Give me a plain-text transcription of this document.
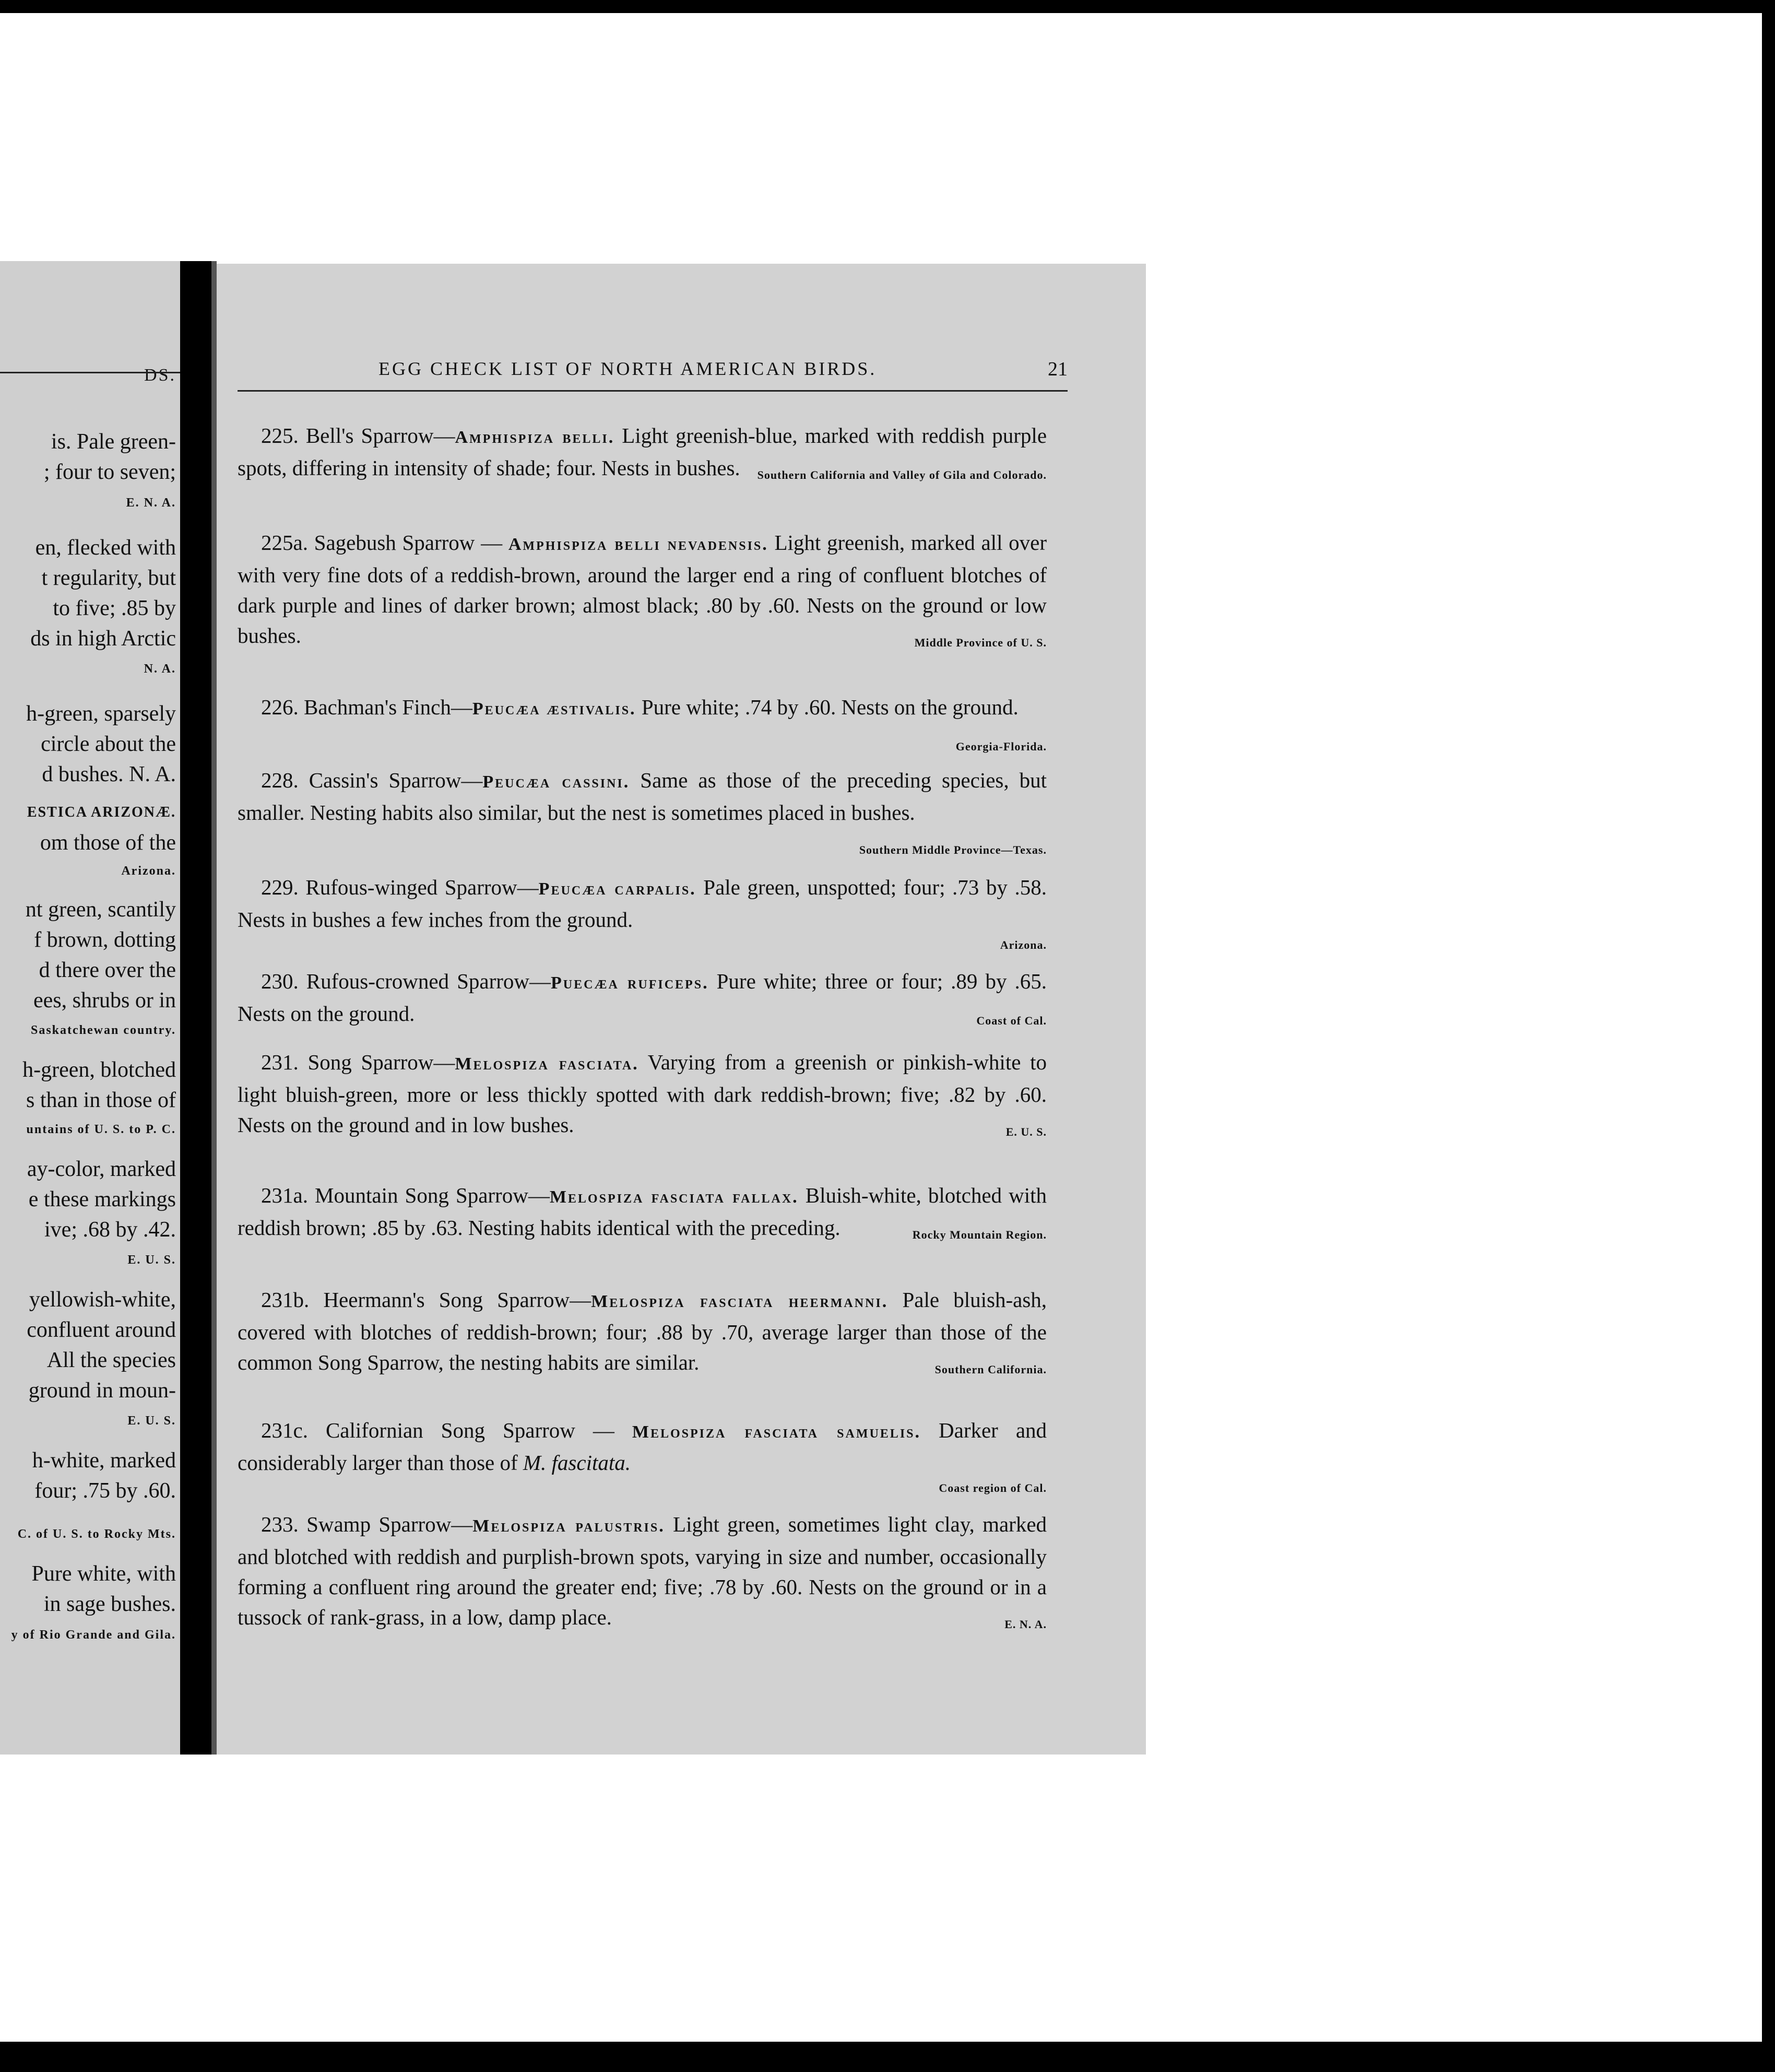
DS.
is. Pale green-
; four to seven;
E. N. A.
en, flecked with
t regularity, but
to five; .85 by
ds in high Arctic
N. A.
h-green, sparsely
circle about the
d bushes. N. A.
ESTICA ARIZONÆ.
om those of the
Arizona.
nt green, scantily
f brown, dotting
d there over the
ees, shrubs or in
Saskatchewan country.
h-green, blotched
s than in those of
untains of U. S. to P. C.
ay-color, marked
e these markings
ive; .68 by .42.
E. U. S.
yellowish-white,
confluent around
All the species
ground in moun-
E. U. S.
h-white, marked
four; .75 by .60.
C. of U. S. to Rocky Mts.
Pure white, with
in sage bushes.
y of Rio Grande and Gila.
EGG CHECK LIST OF NORTH AMERICAN BIRDS.	21
225. Bell's Sparrow—Amphispiza belli. Light greenish-blue, marked with reddish purple spots, differing in intensity of shade; four. Nests in bushes. Southern California and Valley of Gila and Colorado.
225a. Sagebush Sparrow — Amphispiza belli nevadensis. Light greenish, marked all over with very fine dots of a reddish-brown, around the larger end a ring of confluent blotches of dark purple and lines of darker brown; almost black; .80 by .60. Nests on the ground or low bushes.	Middle Province of U. S.
226. Bachman's Finch—Peucæa æstivalis. Pure white; .74 by .60. Nests on the ground.
Georgia-Florida.
228. Cassin's Sparrow—Peucæa cassini. Same as those of the preceding species, but smaller. Nesting habits also similar, but the nest is sometimes placed in bushes.
Southern Middle Province—Texas.
229. Rufous-winged Sparrow—Peucæa carpalis. Pale green, unspotted; four; .73 by .58. Nests in bushes a few inches from the ground.
Arizona.
230. Rufous-crowned Sparrow—Puecæa ruficeps. Pure white; three or four; .89 by .65. Nests on the ground.	Coast of Cal.
231. Song Sparrow—Melospiza fasciata. Varying from a greenish or pinkish-white to light bluish-green, more or less thickly spotted with dark reddish-brown; five; .82 by .60. Nests on the ground and in low bushes.	E. U. S.
231a. Mountain Song Sparrow—Melospiza fasciata fallax. Bluish-white, blotched with reddish brown; .85 by .63. Nesting habits identical with the preceding.	Rocky Mountain Region.
231b. Heermann's Song Sparrow—Melospiza fasciata heermanni. Pale bluish-ash, covered with blotches of reddish-brown; four; .88 by .70, average larger than those of the common Song Sparrow, the nesting habits are similar.	Southern California.
231c. Californian Song Sparrow — Melospiza fasciata samuelis. Darker and considerably larger than those of M. fascitata.
Coast region of Cal.
233. Swamp Sparrow—Melospiza palustris. Light green, sometimes light clay, marked and blotched with reddish and purplish-brown spots, varying in size and number, occasionally forming a confluent ring around the greater end; five; .78 by .60. Nests on the ground or in a tussock of rank-grass, in a low, damp place.	E. N. A.
